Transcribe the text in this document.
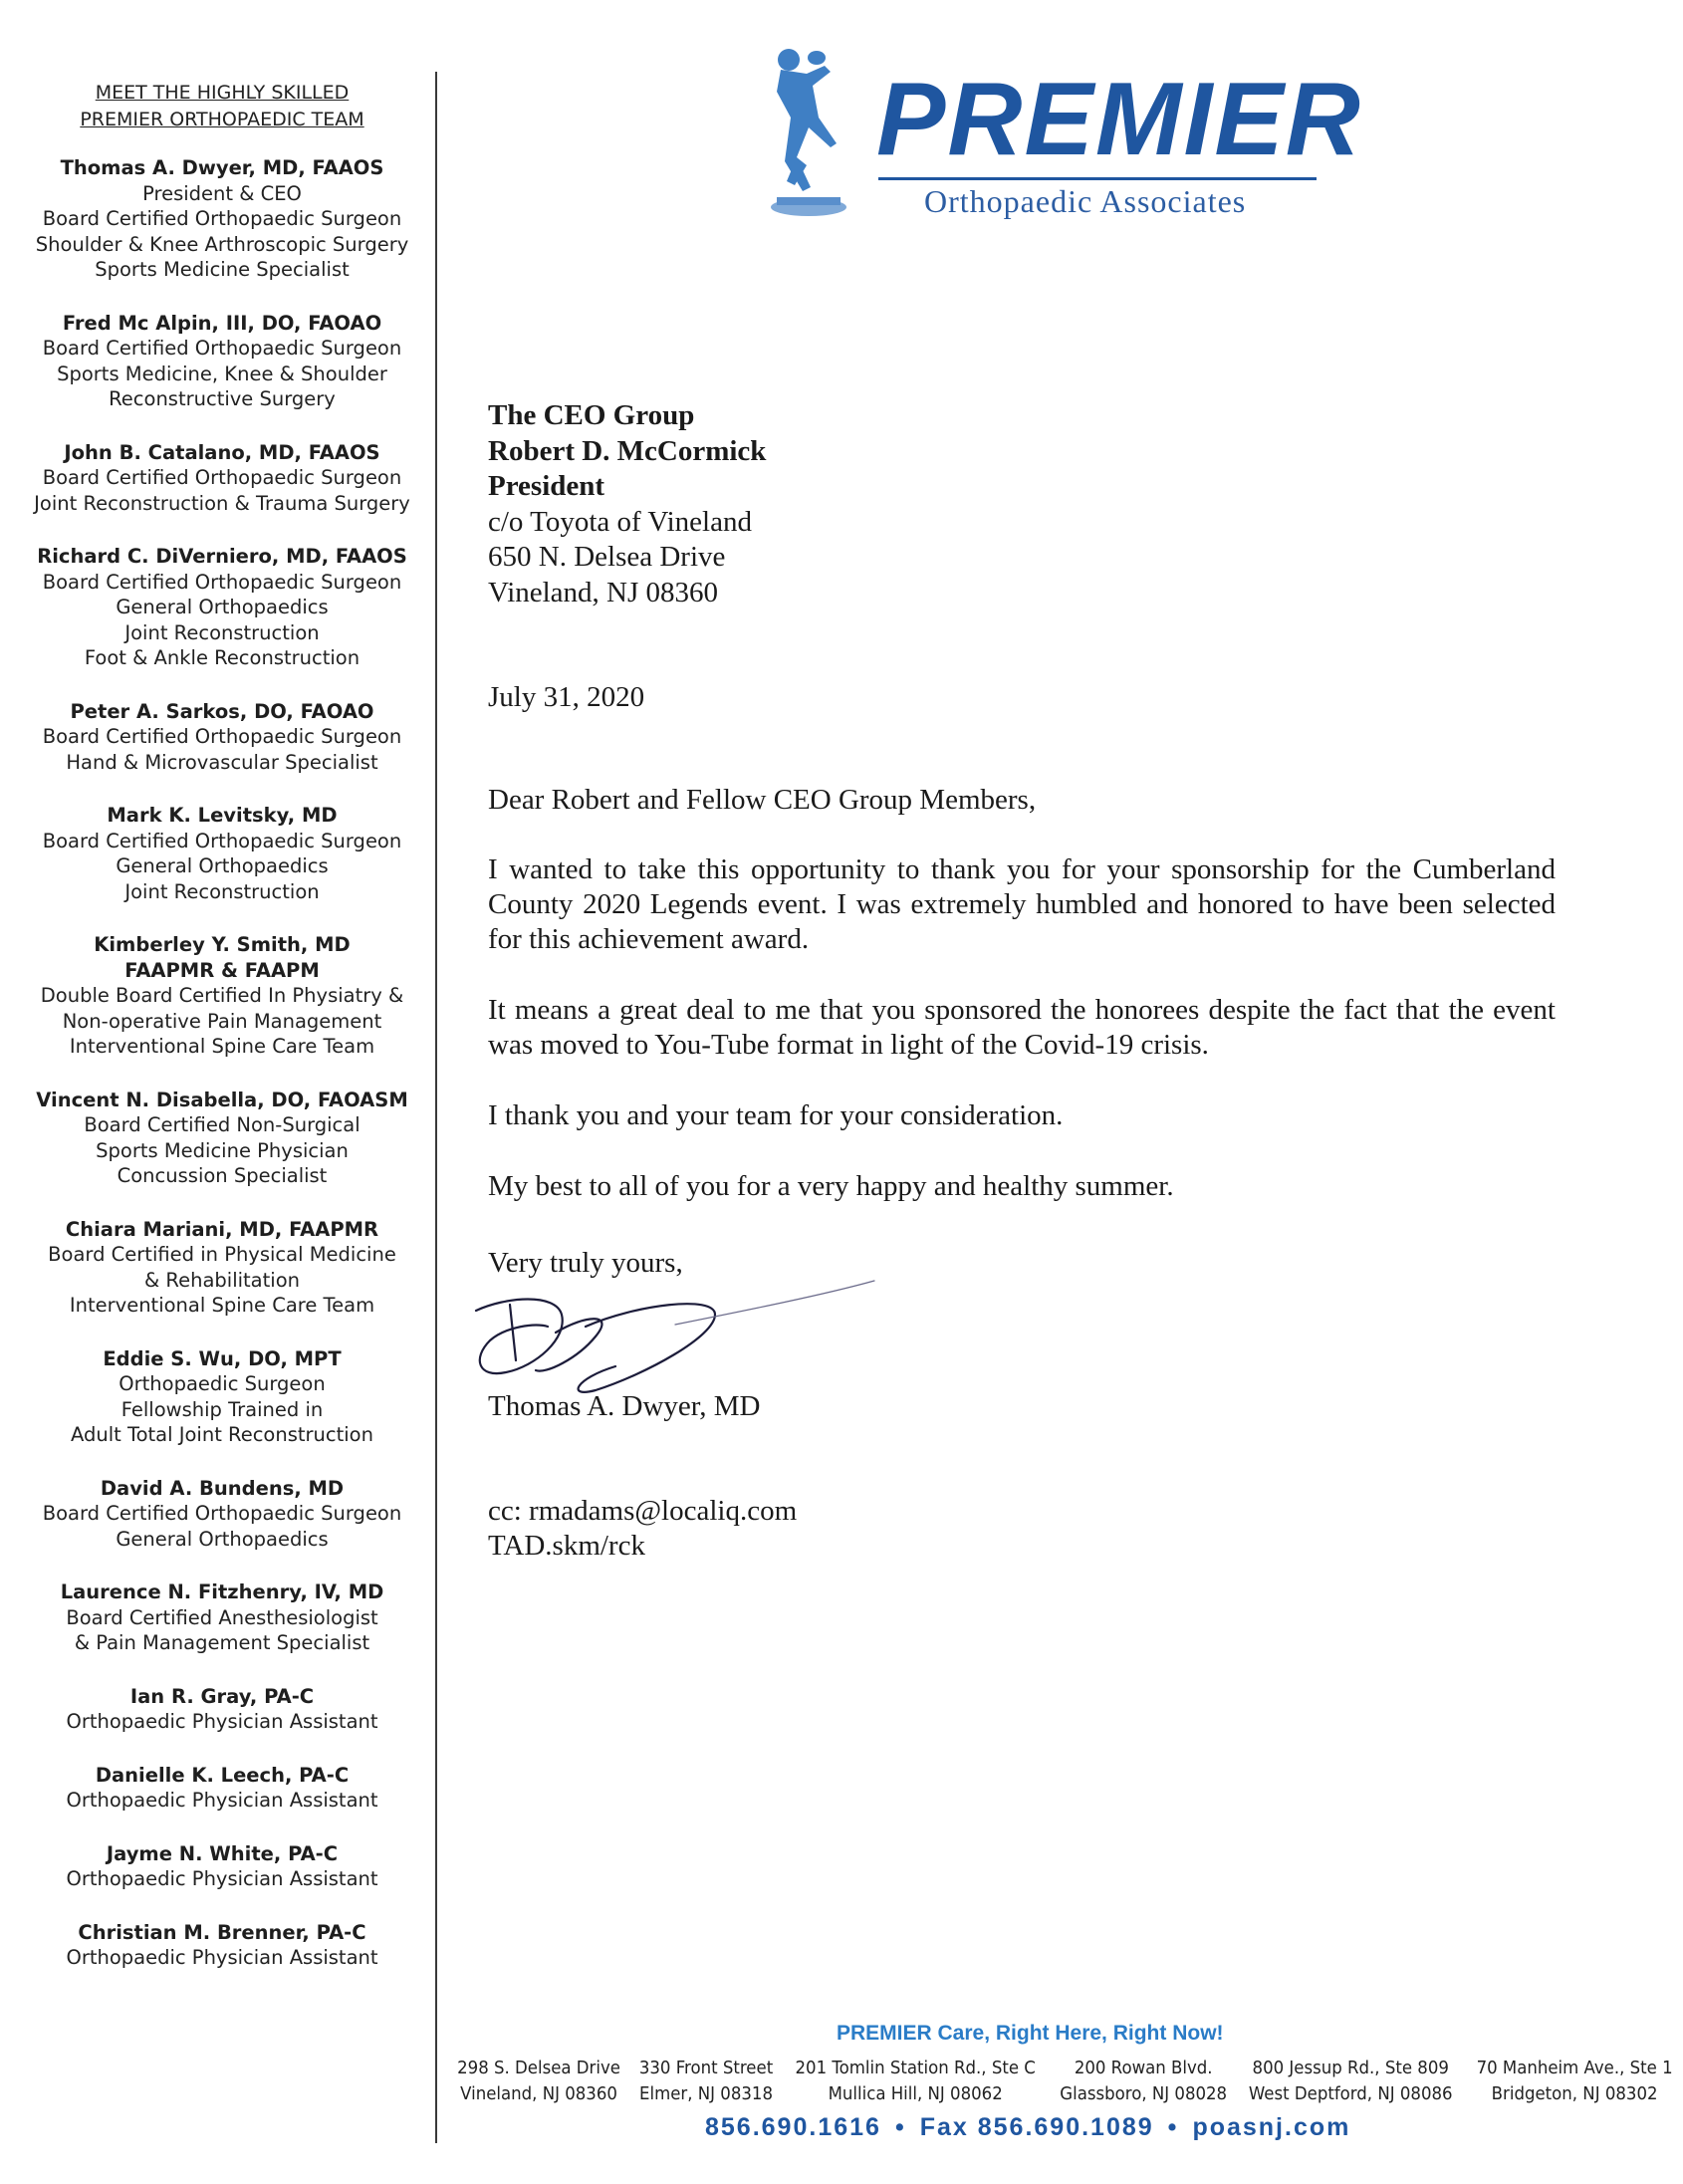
MEET THE HIGHLY SKILLED
PREMIER ORTHOPAEDIC TEAM
Thomas A. Dwyer, MD, FAAOS
President & CEO
Board Certified Orthopaedic Surgeon
Shoulder & Knee Arthroscopic Surgery
Sports Medicine Specialist
Fred Mc Alpin, III, DO, FAOAO
Board Certified Orthopaedic Surgeon
Sports Medicine, Knee & Shoulder
Reconstructive Surgery
John B. Catalano, MD, FAAOS
Board Certified Orthopaedic Surgeon
Joint Reconstruction & Trauma Surgery
Richard C. DiVerniero, MD, FAAOS
Board Certified Orthopaedic Surgeon
General Orthopaedics
Joint Reconstruction
Foot & Ankle Reconstruction
Peter A. Sarkos, DO, FAOAO
Board Certified Orthopaedic Surgeon
Hand & Microvascular Specialist
Mark K. Levitsky, MD
Board Certified Orthopaedic Surgeon
General Orthopaedics
Joint Reconstruction
Kimberley Y. Smith, MD
FAAPMR & FAAPM
Double Board Certified In Physiatry &
Non-operative Pain Management
Interventional Spine Care Team
Vincent N. Disabella, DO, FAOASM
Board Certified Non-Surgical
Sports Medicine Physician
Concussion Specialist
Chiara Mariani, MD, FAAPMR
Board Certified in Physical Medicine
& Rehabilitation
Interventional Spine Care Team
Eddie S. Wu, DO, MPT
Orthopaedic Surgeon
Fellowship Trained in
Adult Total Joint Reconstruction
David A. Bundens, MD
Board Certified Orthopaedic Surgeon
General Orthopaedics
Laurence N. Fitzhenry, IV, MD
Board Certified Anesthesiologist
& Pain Management Specialist
Ian R. Gray, PA-C
Orthopaedic Physician Assistant
Danielle K. Leech, PA-C
Orthopaedic Physician Assistant
Jayme N. White, PA-C
Orthopaedic Physician Assistant
Christian M. Brenner, PA-C
Orthopaedic Physician Assistant
PREMIER
Orthopaedic Associates
The CEO Group
Robert D. McCormick
President
c/o Toyota of Vineland
650 N. Delsea Drive
Vineland, NJ 08360
July 31, 2020

Dear Robert and Fellow CEO Group Members,

I wanted to take this opportunity to thank you for your sponsorship for the Cumberland County 2020 Legends event. I was extremely humbled and honored to have been selected for this achievement award.

It means a great deal to me that you sponsored the honorees despite the fact that the event was moved to You-Tube format in light of the Covid-19 crisis.

I thank you and your team for your consideration.

My best to all of you for a very happy and healthy summer.

Very truly yours,
Thomas A. Dwyer, MD
cc: rmadams@localiq.com
TAD.skm/rck
PREMIER Care, Right Here, Right Now!
298 S. Delsea Drive
Vineland, NJ 08360
330 Front Street
Elmer, NJ 08318
201 Tomlin Station Rd., Ste C
Mullica Hill, NJ 08062
200 Rowan Blvd.
Glassboro, NJ 08028
800 Jessup Rd., Ste 809
West Deptford, NJ 08086
70 Manheim Ave., Ste 1
Bridgeton, NJ 08302
856.690.1616 • Fax 856.690.1089 • poasnj.com
